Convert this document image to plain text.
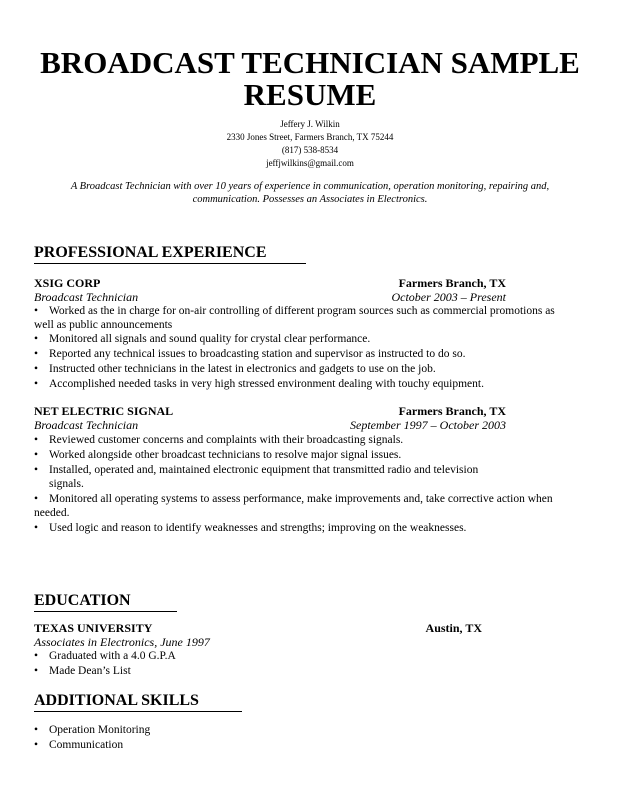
BROADCAST TECHNICIAN SAMPLE
RESUME
Jeffery J. Wilkin
2330 Jones Street, Farmers Branch, TX 75244
(817) 538-8534
jeffjwilkins@gmail.com
A Broadcast Technician with over 10 years of experience in communication, operation monitoring, repairing and,
communication. Possesses an Associates in Electronics.
PROFESSIONAL EXPERIENCE
XSIG CORP	Farmers Branch, TX
Broadcast Technician	October 2003 – Present
• Worked as the in charge for on-air controlling of different program sources such as commercial promotions as
well as public announcements
• Monitored all signals and sound quality for crystal clear performance.
• Reported any technical issues to broadcasting station and supervisor as instructed to do so.
• Instructed other technicians in the latest in electronics and gadgets to use on the job.
• Accomplished needed tasks in very high stressed environment dealing with touchy equipment.
NET ELECTRIC SIGNAL	Farmers Branch, TX
Broadcast Technician	September 1997 – October 2003
• Reviewed customer concerns and complaints with their broadcasting signals.
• Worked alongside other broadcast technicians to resolve major signal issues.
• Installed, operated and, maintained electronic equipment that transmitted radio and television
signals.
• Monitored all operating systems to assess performance, make improvements and, take corrective action when
needed.
• Used logic and reason to identify weaknesses and strengths; improving on the weaknesses.
EDUCATION
TEXAS UNIVERSITY	Austin, TX
Associates in Electronics, June 1997
• Graduated with a 4.0 G.P.A
• Made Dean’s List
ADDITIONAL SKILLS
• Operation Monitoring
• Communication
